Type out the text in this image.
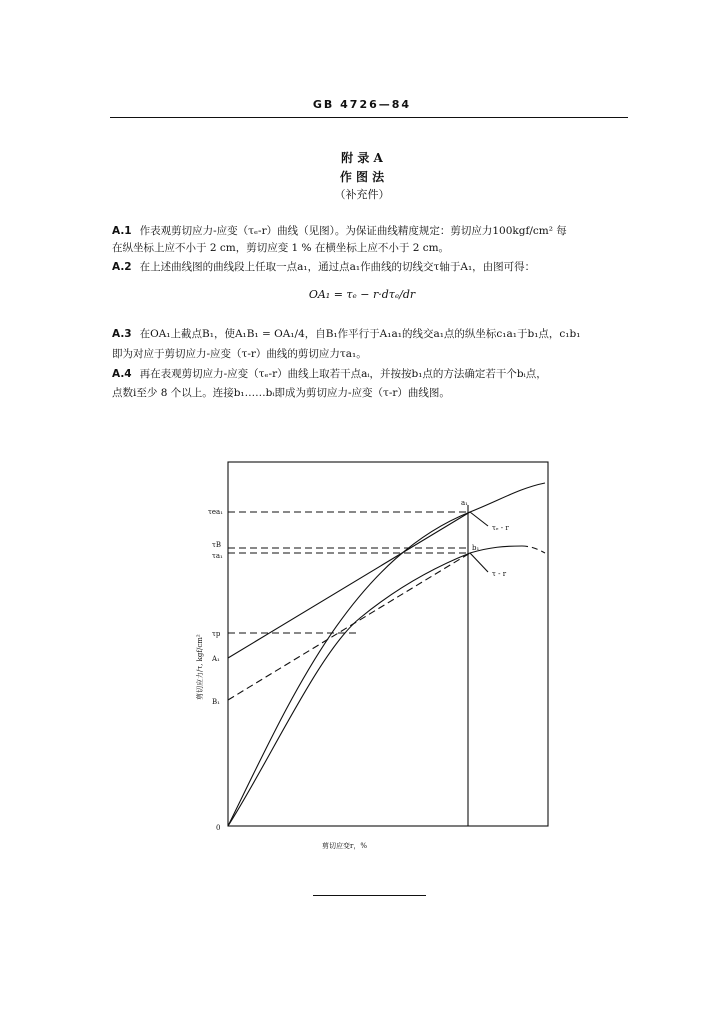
GB 4726—84
附 录 A
作 图 法
（补充件）
A.1 作表观剪切应力-应变（τₑ-r）曲线（见图）。为保证曲线精度规定：剪切应力100kgf/cm² 每
在纵坐标上应不小于 2 cm，剪切应变 1 % 在横坐标上应不小于 2 cm。
A.2 在上述曲线图的曲线段上任取一点a₁，通过点a₁作曲线的切线交τ轴于A₁，由图可得：
OA₁ = τₑ − r·dτₑ/dr
A.3 在OA₁上截点B₁，使A₁B₁ = OA₁/4，自B₁作平行于A₁a₁的线交a₁点的纵坐标c₁a₁于b₁点，c₁b₁
即为对应于剪切应力-应变（τ-r）曲线的剪切应力τa₁。
A.4 再在表观剪切应力-应变（τₑ-r）曲线上取若干点aᵢ，并按按b₁点的方法确定若干个bᵢ点，
点数i至少 8 个以上。连接b₁……bᵢ即成为剪切应力-应变（τ-r）曲线图。
τea₁
τB
τa₁
τp
A₁
B₁
0
a₁
b₁
τₑ - r
τ - r
剪切应变r，%
剪切应力/τ, kgf/cm²
